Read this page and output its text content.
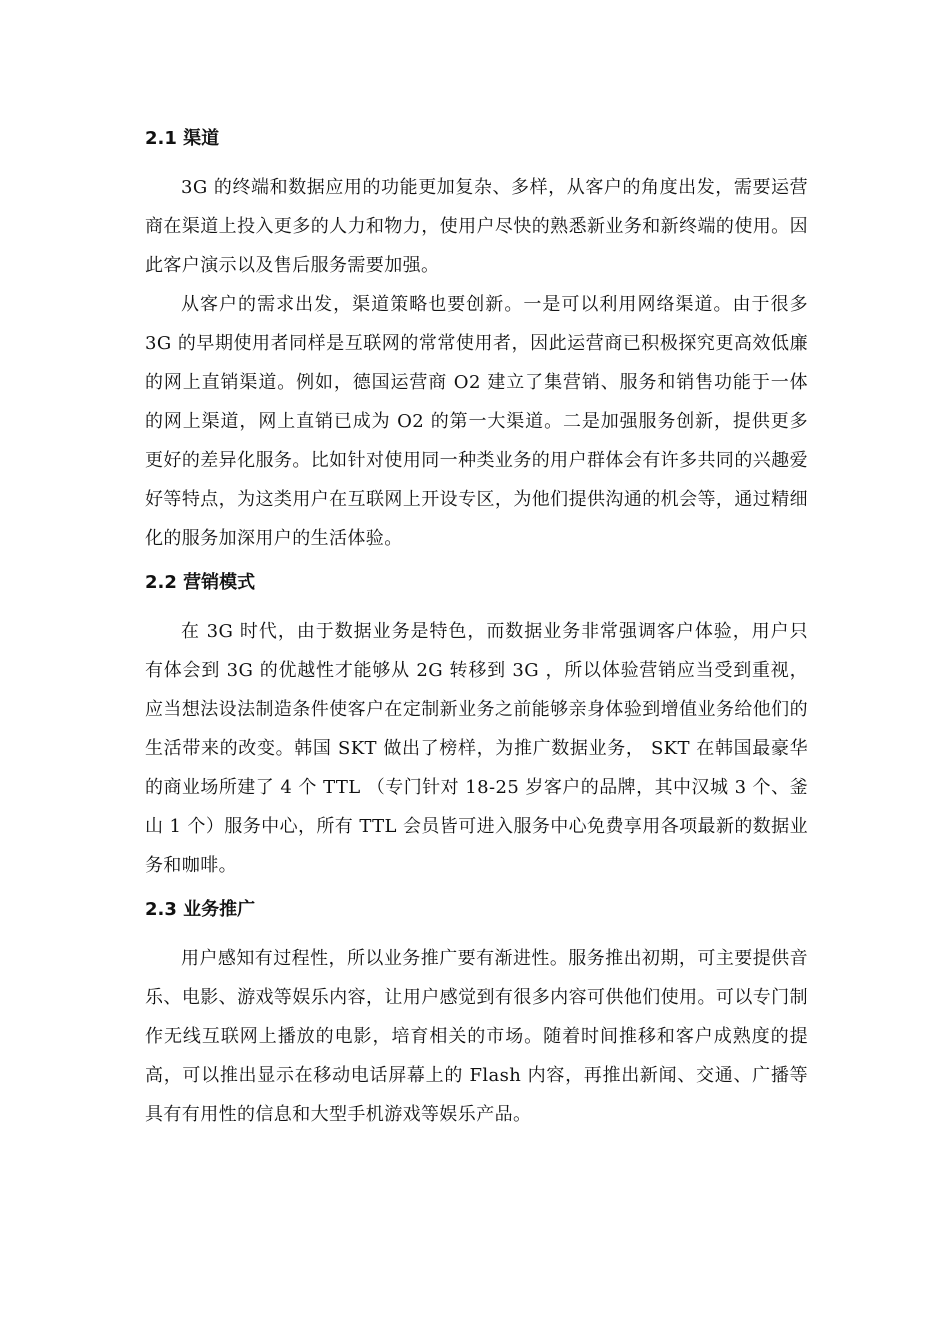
2.1 渠道

3G 的终端和数据应用的功能更加复杂、多样，从客户的角度出发，需要运营商在渠道上投入更多的人力和物力，使用户尽快的熟悉新业务和新终端的使用。因此客户演示以及售后服务需要加强。

从客户的需求出发，渠道策略也要创新。一是可以利用网络渠道。由于很多 3G 的早期使用者同样是互联网的常常使用者，因此运营商已积极探究更高效低廉的网上直销渠道。例如，德国运营商 O2 建立了集营销、服务和销售功能于一体的网上渠道，网上直销已成为 O2 的第一大渠道。二是加强服务创新，提供更多更好的差异化服务。比如针对使用同一种类业务的用户群体会有许多共同的兴趣爱好等特点，为这类用户在互联网上开设专区，为他们提供沟通的机会等，通过精细化的服务加深用户的生活体验。

2.2 营销模式

在 3G 时代，由于数据业务是特色，而数据业务非常强调客户体验，用户只有体会到 3G 的优越性才能够从 2G 转移到 3G ，所以体验营销应当受到重视，应当想法设法制造条件使客户在定制新业务之前能够亲身体验到增值业务给他们的生活带来的改变。韩国 SKT 做出了榜样，为推广数据业务， SKT 在韩国最豪华的商业场所建了 4 个 TTL （专门针对 18-25 岁客户的品牌，其中汉城 3 个、釜山 1 个）服务中心，所有 TTL 会员皆可进入服务中心免费享用各项最新的数据业务和咖啡。

2.3 业务推广

用户感知有过程性，所以业务推广要有渐进性。服务推出初期，可主要提供音乐、电影、游戏等娱乐内容，让用户感觉到有很多内容可供他们使用。可以专门制作无线互联网上播放的电影，培育相关的市场。随着时间推移和客户成熟度的提高，可以推出显示在移动电话屏幕上的 Flash 内容，再推出新闻、交通、广播等具有有用性的信息和大型手机游戏等娱乐产品。
